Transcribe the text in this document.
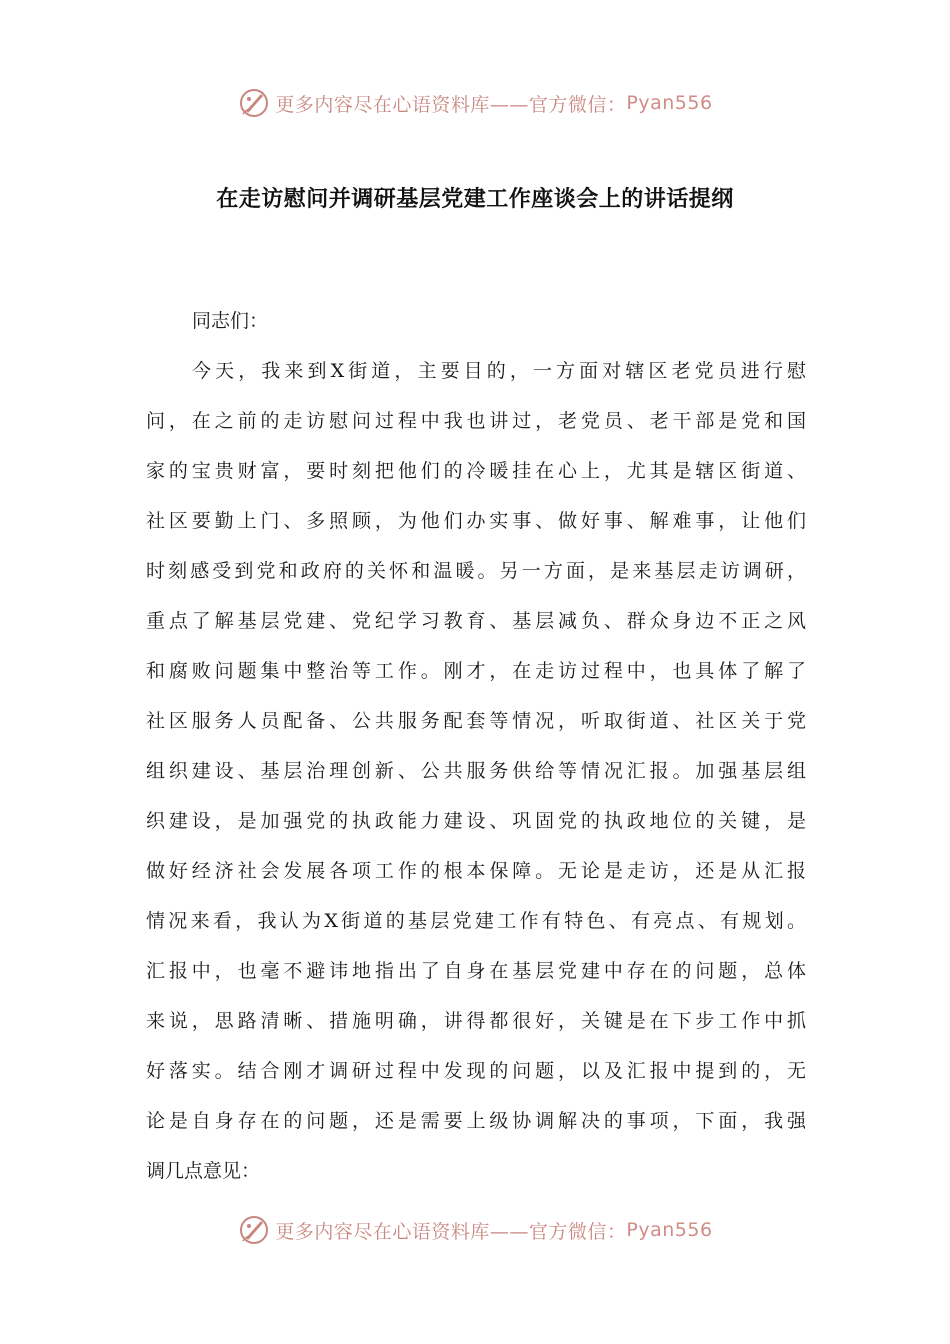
更多内容尽在心语资料库——官方微信： Pyan556
在走访慰问并调研基层党建工作座谈会上的讲话提纲
同志们：
今天，我来到X街道，主要目的，一方面对辖区老党员进行慰
问，在之前的走访慰问过程中我也讲过，老党员、老干部是党和国
家的宝贵财富，要时刻把他们的冷暖挂在心上，尤其是辖区街道、
社区要勤上门、多照顾，为他们办实事、做好事、解难事，让他们
时刻感受到党和政府的关怀和温暖。另一方面，是来基层走访调研，
重点了解基层党建、党纪学习教育、基层减负、群众身边不正之风
和腐败问题集中整治等工作。刚才，在走访过程中，也具体了解了
社区服务人员配备、公共服务配套等情况，听取街道、社区关于党
组织建设、基层治理创新、公共服务供给等情况汇报。加强基层组
织建设，是加强党的执政能力建设、巩固党的执政地位的关键，是
做好经济社会发展各项工作的根本保障。无论是走访，还是从汇报
情况来看，我认为X街道的基层党建工作有特色、有亮点、有规划。
汇报中，也毫不避讳地指出了自身在基层党建中存在的问题，总体
来说，思路清晰、措施明确，讲得都很好，关键是在下步工作中抓
好落实。结合刚才调研过程中发现的问题，以及汇报中提到的，无
论是自身存在的问题，还是需要上级协调解决的事项，下面，我强
调几点意见：
更多内容尽在心语资料库——官方微信： Pyan556
